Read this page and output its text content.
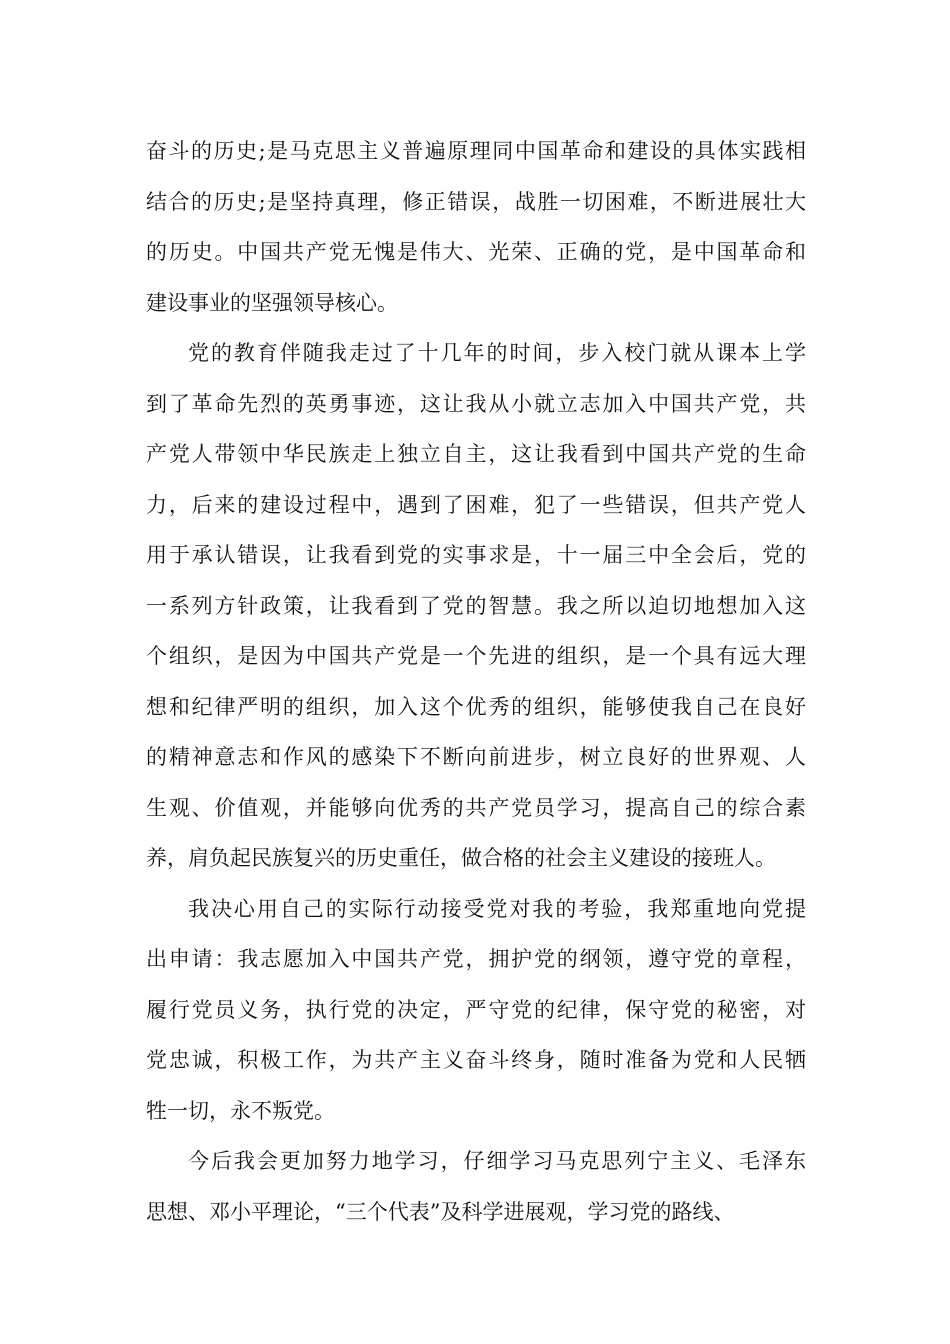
奋斗的历史;是马克思主义普遍原理同中国革命和建设的具体实践相
结合的历史;是坚持真理，修正错误，战胜一切困难，不断进展壮大
的历史。中国共产党无愧是伟大、光荣、正确的党，是中国革命和
建设事业的坚强领导核心。

党的教育伴随我走过了十几年的时间，步入校门就从课本上学
到了革命先烈的英勇事迹，这让我从小就立志加入中国共产党，共
产党人带领中华民族走上独立自主，这让我看到中国共产党的生命
力，后来的建设过程中，遇到了困难，犯了一些错误，但共产党人
用于承认错误，让我看到党的实事求是，十一届三中全会后，党的
一系列方针政策，让我看到了党的智慧。我之所以迫切地想加入这
个组织，是因为中国共产党是一个先进的组织，是一个具有远大理
想和纪律严明的组织，加入这个优秀的组织，能够使我自己在良好
的精神意志和作风的感染下不断向前进步，树立良好的世界观、人
生观、价值观，并能够向优秀的共产党员学习，提高自己的综合素
养，肩负起民族复兴的历史重任，做合格的社会主义建设的接班人。

我决心用自己的实际行动接受党对我的考验，我郑重地向党提
出申请：我志愿加入中国共产党，拥护党的纲领，遵守党的章程，
履行党员义务，执行党的决定，严守党的纪律，保守党的秘密，对
党忠诚，积极工作，为共产主义奋斗终身，随时准备为党和人民牺
牲一切，永不叛党。

今后我会更加努力地学习，仔细学习马克思列宁主义、毛泽东
思想、邓小平理论，“三个代表”及科学进展观，学习党的路线、
